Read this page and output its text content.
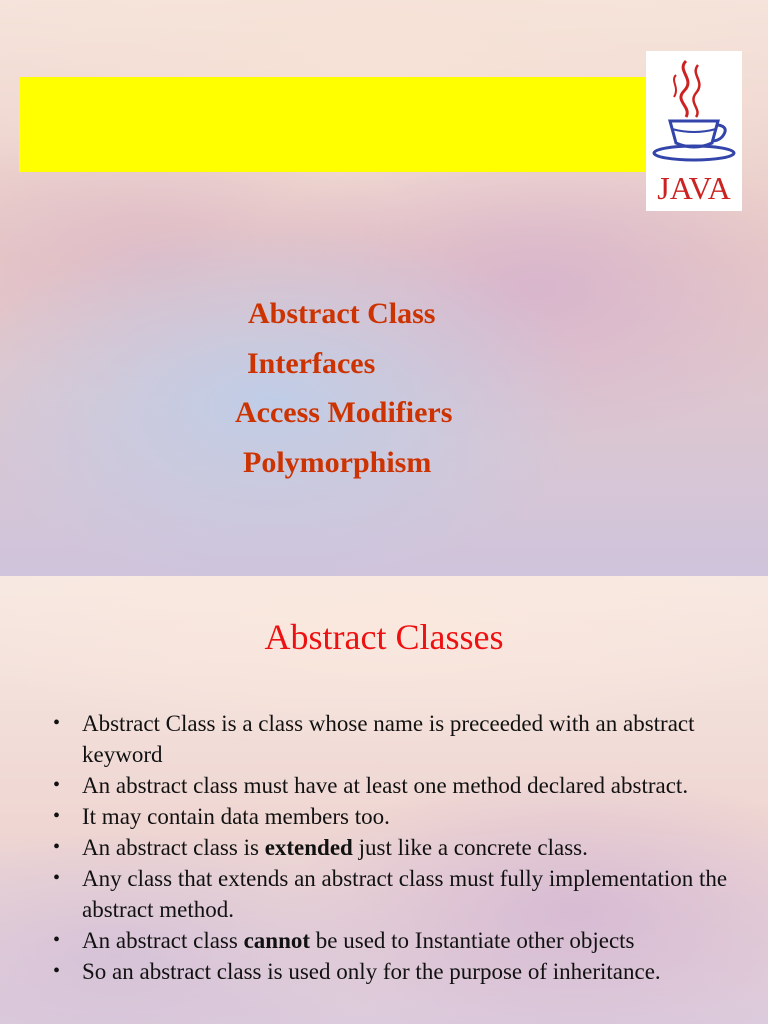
JAVA
Abstract Class
Interfaces
Access Modifiers
Polymorphism
Abstract Classes
• Abstract Class is a class whose name is preceeded with an abstract keyword
• An abstract class must have at least one method declared abstract.
• It may contain data members too.
• An abstract class is extended just like a concrete class.
• Any class that extends an abstract class must fully implementation the abstract method.
• An abstract class cannot be used to Instantiate other objects
• So an abstract class is used only for the purpose of inheritance.
